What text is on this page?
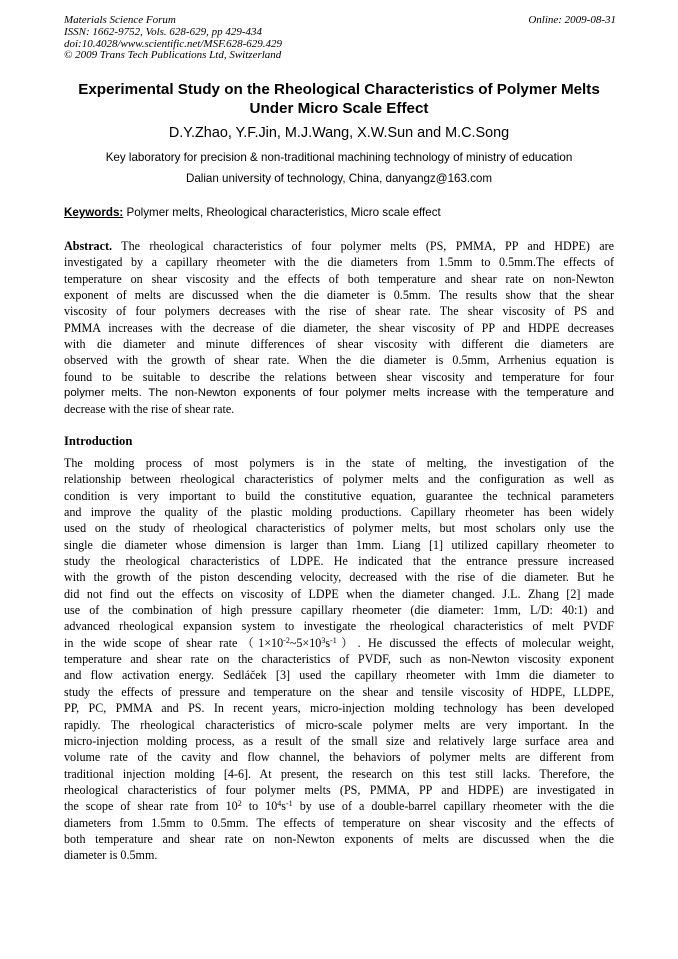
Materials Science Forum
ISSN: 1662-9752, Vols. 628-629, pp 429-434
doi:10.4028/www.scientific.net/MSF.628-629.429
© 2009 Trans Tech Publications Ltd, Switzerland
Online: 2009-08-31
Experimental Study on the Rheological Characteristics of Polymer Melts
Under Micro Scale Effect
D.Y.Zhao, Y.F.Jin, M.J.Wang, X.W.Sun and M.C.Song
Key laboratory for precision & non-traditional machining technology of ministry of education
Dalian university of technology, China, danyangz@163.com
Keywords: Polymer melts, Rheological characteristics, Micro scale effect
Abstract. The rheological characteristics of four polymer melts (PS, PMMA, PP and HDPE) are
investigated by a capillary rheometer with the die diameters from 1.5mm to 0.5mm.The effects of
temperature on shear viscosity and the effects of both temperature and shear rate on non-Newton
exponent of melts are discussed when the die diameter is 0.5mm. The results show that the shear
viscosity of four polymers decreases with the rise of shear rate. The shear viscosity of PS and
PMMA increases with the decrease of die diameter, the shear viscosity of PP and HDPE decreases
with die diameter and minute differences of shear viscosity with different die diameters are
observed with the growth of shear rate. When the die diameter is 0.5mm, Arrhenius equation is
found to be suitable to describe the relations between shear viscosity and temperature for four
polymer melts. The non-Newton exponents of four polymer melts increase with the temperature and
decrease with the rise of shear rate.
Introduction
The molding process of most polymers is in the state of melting, the investigation of the
relationship between rheological characteristics of polymer melts and the configuration as well as
condition is very important to build the constitutive equation, guarantee the technical parameters
and improve the quality of the plastic molding productions. Capillary rheometer has been widely
used on the study of rheological characteristics of polymer melts, but most scholars only use the
single die diameter whose dimension is larger than 1mm. Liang [1] utilized capillary rheometer to
study the rheological characteristics of LDPE. He indicated that the entrance pressure increased
with the growth of the piston descending velocity, decreased with the rise of die diameter. But he
did not find out the effects on viscosity of LDPE when the diameter changed. J.L. Zhang [2] made
use of the combination of high pressure capillary rheometer (die diameter: 1mm, L/D: 40:1) and
advanced rheological expansion system to investigate the rheological characteristics of melt PVDF
in the wide scope of shear $rate(1\times 10^{-2}\sim 5\times 10^3s^{-1})$. He discussed the effects of molecular weight,
temperature and shear rate on the characteristics of PVDF, such as non-Newton viscosity exponent
and flow activation energy. Sedláček [3] used the capillary rheometer with 1mm die diameter to
study the effects of pressure and temperature on the shear and tensile viscosity of HDPE, LLDPE,
PP, PC, PMMA and PS. In recent years, micro-injection molding technology has been developed
rapidly. The rheological characteristics of micro-scale polymer melts are very important. In the
micro-injection molding process, as a result of the small size and relatively large surface area and
volume rate of the cavity and flow channel, the behaviors of polymer melts are different from
traditional injection molding [4-6]. At present, the research on this test still lacks. Therefore, the
rheological characteristics of four polymer melts (PS, PMMA, PP and HDPE) are investigated in
the scope of shear rate from $10^2$ to $10^4s^{-1}$ by use of a double-barrel capillary rheometer with the die
diameters from 1.5mm to 0.5mm. The effects of temperature on shear viscosity and the effects of
both temperature and shear rate on non-Newton exponents of melts are discussed when the die
diameter is 0.5mm.
